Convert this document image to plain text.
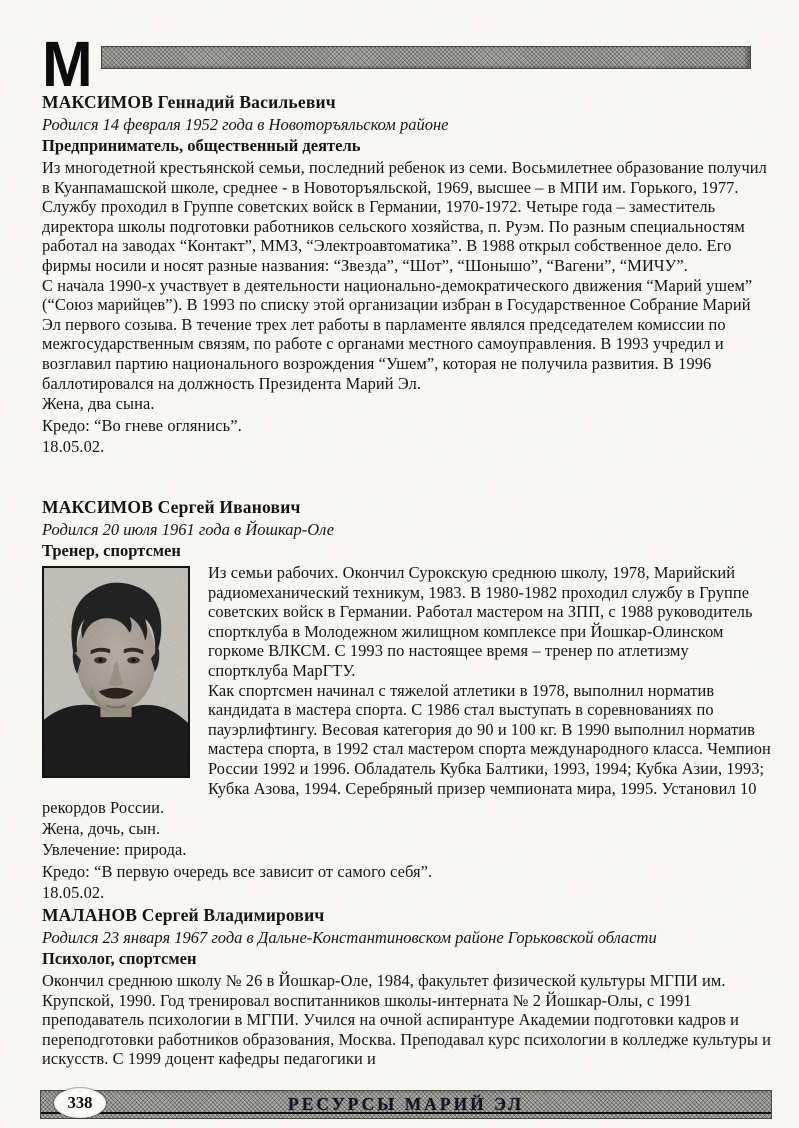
М
МАКСИМОВ Геннадий Васильевич

Родился 14 февраля 1952 года в Новоторъяльском районе

Предприниматель, общественный деятель

Из многодетной крестьянской семьи, последний ребенок из семи. Восьмилетнее образование получил в Куанпамашской школе, среднее - в Новоторъяльской, 1969, высшее – в МПИ им. Горького, 1977. Службу проходил в Группе советских войск в Германии, 1970-1972. Четыре года – заместитель директора школы подготовки работников сельского хозяйства, п. Руэм. По разным специальностям работал на заводах “Контакт”, ММЗ, “Электроавтоматика”. В 1988 открыл собственное дело. Его фирмы носили и носят разные названия: “Звезда”, “Шот”, “Шонышо”, “Вагени”, “МИЧУ”.

С начала 1990-х участвует в деятельности национально-демократического движения “Марий ушем” (“Союз марийцев”). В 1993 по списку этой организации избран в Государственное Собрание Марий Эл первого созыва. В течение трех лет работы в парламенте являлся председателем комиссии по межгосударственным связям, по работе с органами местного самоуправления. В 1993 учредил и возглавил партию национального возрождения “Ушем”, которая не получила развития. В 1996 баллотировался на должность Президента Марий Эл.

Жена, два сына.
Кредо: “Во гневе оглянись”.
18.05.02.
МАКСИМОВ Сергей Иванович

Родился 20 июля 1961 года в Йошкар-Оле

Тренер, спортсмен

Из семьи рабочих. Окончил Сурокскую среднюю школу, 1978, Марийский радиомеханический техникум, 1983. В 1980-1982 проходил службу в Группе советских войск в Германии. Работал мастером на ЗПП, с 1988 руководитель спортклуба в Молодежном жилищном комплексе при Йошкар-Олинском горкоме ВЛКСМ. С 1993 по настоящее время – тренер по атлетизму спортклуба МарГТУ.

Как спортсмен начинал с тяжелой атлетики в 1978, выполнил норматив кандидата в мастера спорта. С 1986 стал выступать в соревнованиях по пауэрлифтингу. Весовая категория до 90 и 100 кг. В 1990 выполнил норматив мастера спорта, в 1992 стал мастером спорта международного класса. Чемпион России 1992 и 1996. Обладатель Кубка Балтики, 1993, 1994; Кубка Азии, 1993; Кубка Азова, 1994. Серебряный призер чемпионата мира, 1995. Установил 10 рекордов России.

Жена, дочь, сын.
Увлечение: природа.
Кредо: “В первую очередь все зависит от самого себя”.
18.05.02.
МАЛАНОВ Сергей Владимирович

Родился 23 января 1967 года в Дальне-Константиновском районе Горьковской области

Психолог, спортсмен

Окончил среднюю школу № 26 в Йошкар-Оле, 1984, факультет физической культуры МГПИ им. Крупской, 1990. Год тренировал воспитанников школы-интерната № 2 Йошкар-Олы, с 1991 преподаватель психологии в МГПИ. Учился на очной аспирантуре Академии подготовки кадров и переподготовки работников образования, Москва. Преподавал курс психологии в колледже культуры и искусств. С 1999 доцент кафедры педагогики и

338	РЕСУРСЫ МАРИЙ ЭЛ
